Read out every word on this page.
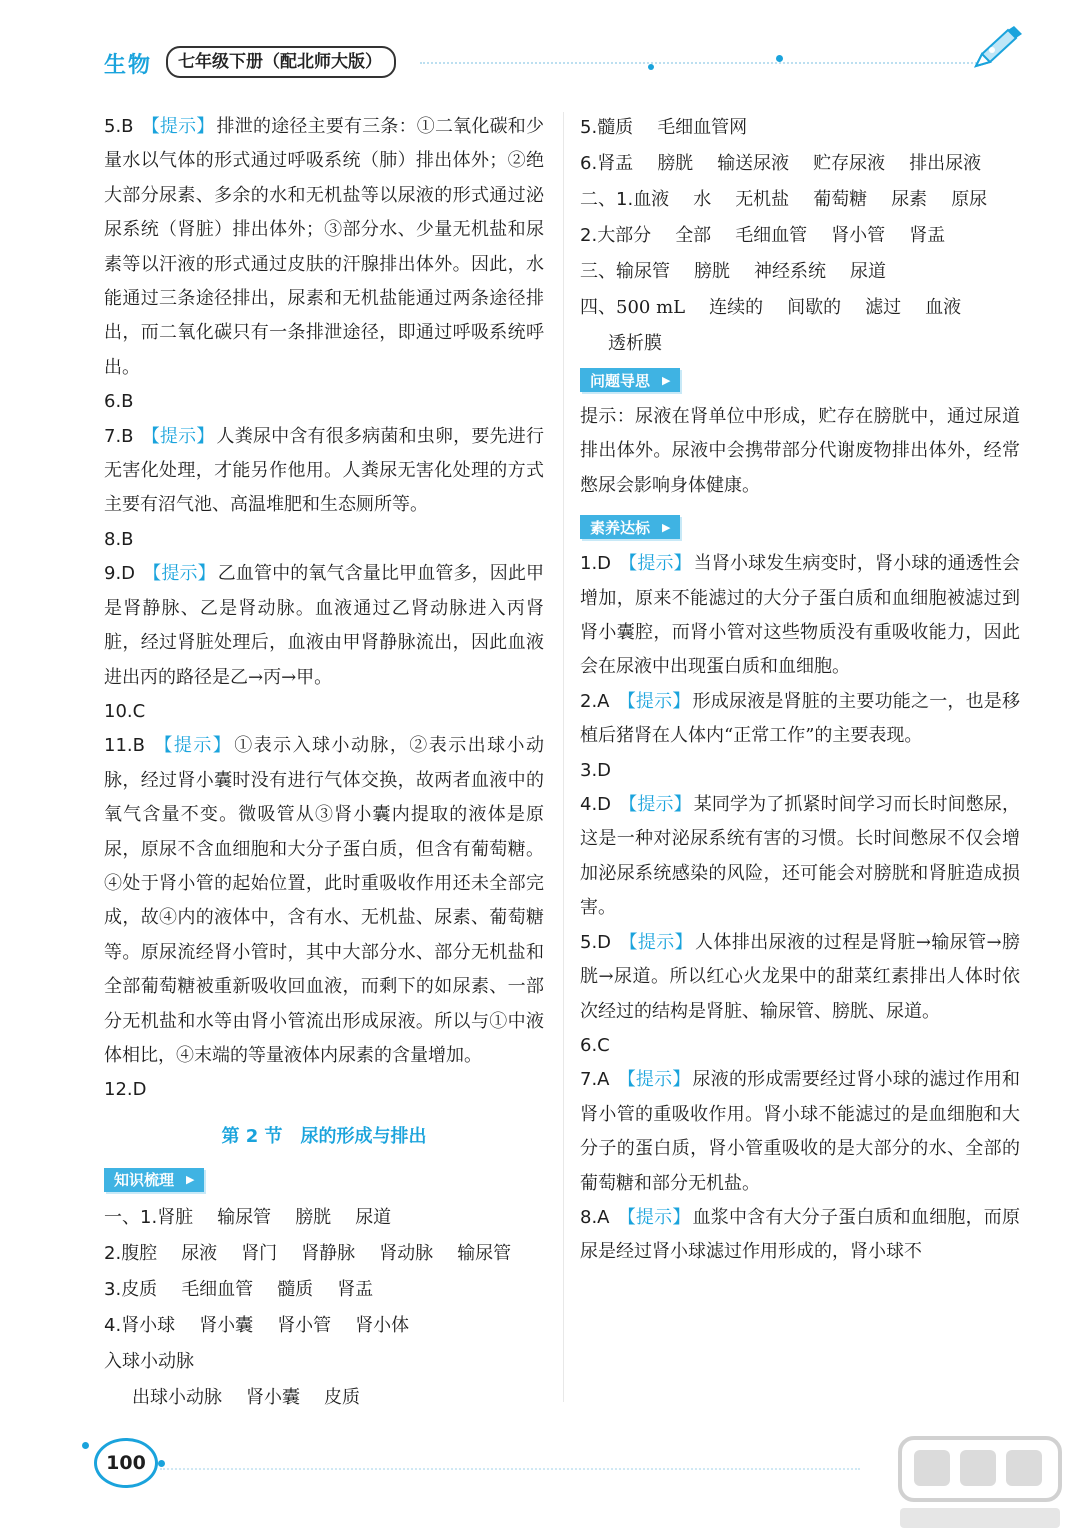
生物	七年级下册（配北师大版）

5.B 【提示】 排泄的途径主要有三条：①二氧化碳和少量水以气体的形式通过呼吸系统（肺）排出体外；②绝大部分尿素、多余的水和无机盐等以尿液的形式通过泌尿系统（肾脏）排出体外；③部分水、少量无机盐和尿素等以汗液的形式通过皮肤的汗腺排出体外。因此，水能通过三条途径排出，尿素和无机盐能通过两条途径排出，而二氧化碳只有一条排泄途径，即通过呼吸系统呼出。

6.B

7.B 【提示】 人粪尿中含有很多病菌和虫卵，要先进行无害化处理，才能另作他用。人粪尿无害化处理的方式主要有沼气池、高温堆肥和生态厕所等。

8.B

9.D 【提示】 乙血管中的氧气含量比甲血管多，因此甲是肾静脉、乙是肾动脉。血液通过乙肾动脉进入丙肾脏，经过肾脏处理后，血液由甲肾静脉流出，因此血液进出丙的路径是乙→丙→甲。

10.C

11.B 【提示】 ①表示入球小动脉，②表示出球小动脉，经过肾小囊时没有进行气体交换，故两者血液中的氧气含量不变。微吸管从③肾小囊内提取的液体是原尿，原尿不含血细胞和大分子蛋白质，但含有葡萄糖。④处于肾小管的起始位置，此时重吸收作用还未全部完成，故④内的液体中，含有水、无机盐、尿素、葡萄糖等。原尿流经肾小管时，其中大部分水、部分无机盐和全部葡萄糖被重新吸收回血液，而剩下的如尿素、一部分无机盐和水等由肾小管流出形成尿液。所以与①中液体相比，④末端的等量液体内尿素的含量增加。

12.D

第 2 节　尿的形成与排出
知识梳理 ▶
一、1.肾脏 输尿管 膀胱 尿道
2.腹腔 尿液 肾门 肾静脉 肾动脉 输尿管
3.皮质 毛细血管 髓质 肾盂
4.肾小球 肾小囊 肾小管 肾小体
入球小动脉
出球小动脉 肾小囊 皮质
5.髓质 毛细血管网
6.肾盂 膀胱 输送尿液 贮存尿液 排出尿液
二、1.血液 水 无机盐 葡萄糖 尿素 原尿
2.大部分 全部 毛细血管 肾小管 肾盂
三、输尿管 膀胱 神经系统 尿道
四、500 mL 连续的 间歇的 滤过 血液
透析膜
问题导思 ▶

提示：尿液在肾单位中形成，贮存在膀胱中，通过尿道排出体外。尿液中会携带部分代谢废物排出体外，经常憋尿会影响身体健康。

素养达标 ▶

1.D 【提示】 当肾小球发生病变时，肾小球的通透性会增加，原来不能滤过的大分子蛋白质和血细胞被滤过到肾小囊腔，而肾小管对这些物质没有重吸收能力，因此会在尿液中出现蛋白质和血细胞。

2.A 【提示】 形成尿液是肾脏的主要功能之一，也是移植后猪肾在人体内“正常工作”的主要表现。

3.D

4.D 【提示】 某同学为了抓紧时间学习而长时间憋尿，这是一种对泌尿系统有害的习惯。长时间憋尿不仅会增加泌尿系统感染的风险，还可能会对膀胱和肾脏造成损害。

5.D 【提示】 人体排出尿液的过程是肾脏→输尿管→膀胱→尿道。所以红心火龙果中的甜菜红素排出人体时依次经过的结构是肾脏、输尿管、膀胱、尿道。

6.C

7.A 【提示】 尿液的形成需要经过肾小球的滤过作用和肾小管的重吸收作用。肾小球不能滤过的是血细胞和大分子的蛋白质，肾小管重吸收的是大部分的水、全部的葡萄糖和部分无机盐。

8.A 【提示】 血浆中含有大分子蛋白质和血细胞，而原尿是经过肾小球滤过作用形成的，肾小球不

100
